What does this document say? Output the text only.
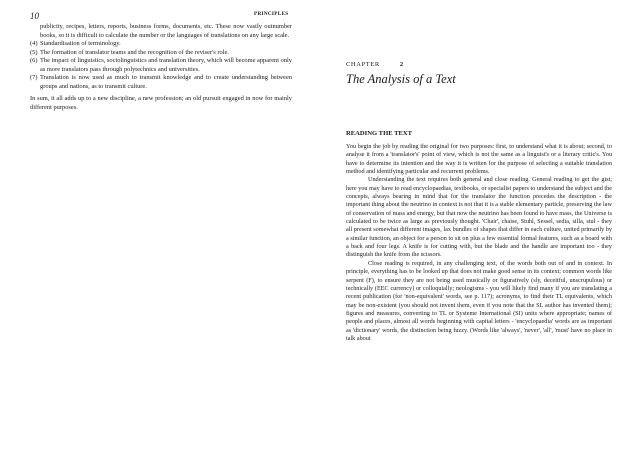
10	PRINCIPLES

publicity, recipes, letters, reports, business forms, documents, etc. These now vastly outnumber books, so it is difficult to calculate the number or the languages of translations on any large scale.

(4) Standardisation of terminology.
(5) The formation of translator teams and the recognition of the reviser's role.
(6) The impact of linguistics, sociolinguistics and translation theory, which will become apparent only as more translators pass through polytechnics and universities.
(7) Translation is now used as much to transmit knowledge and to create understanding between groups and nations, as to transmit culture.

In sum, it all adds up to a new discipline, a new profession; an old pursuit engaged in now for mainly different purposes.

CHAPTER	2
The Analysis of a Text
READING THE TEXT

You begin the job by reading the original for two purposes: first, to understand what it is about; second, to analyse it from a 'translator's' point of view, which is not the same as a linguist's or a literary critic's. You have to determine its intention and the way it is written for the purpose of selecting a suitable translation method and identifying particular and recurrent problems.

Understanding the text requires both general and close reading. General reading to get the gist; here you may have to read encyclopaedias, textbooks, or specialist papers to understand the subject and the concepts, always bearing in mind that for the translator the function precedes the description - the important thing about the neutrino in context is not that it is a stable elementary particle, preserving the law of conservation of mass and energy, but that now the neutrino has been found to have mass, the Universe is calculated to be twice as large as previously thought. 'Chair', chaise, Stuhl, Sessel, sedia, silla, stul - they all present somewhat different images, lax bundles of shapes that differ in each culture, united primarily by a similar function, an object for a person to sit on plus a few essential formal features, such as a board with a back and four legs. A knife is for cutting with, but the blade and the handle are important too - they distinguish the knife from the scissors.

Close reading is required, in any challenging text, of the words both out of and in context. In principle, everything has to be looked up that does not make good sense in its context; common words like serpent (F), to ensure they are not being used musically or figuratively (sly, deceitful, unscrupulous) or technically (EEC currency) or colloquially; neologisms - you will likely find many if you are translating a recent publication (for 'non-equivalent' words, see p. 117); acronyms, to find their TL equivalents, which may be non-existent (you should not invent them, even if you note that the SL author has invented them); figures and measures, converting to TL or Systeme International (SI) units where appropriate; names of people and places, almost all words beginning with capital letters - 'encyclopaedia' words are as important as 'dictionary' words, the distinction being fuzzy. (Words like 'always', 'never', 'all', 'must' have no place in talk about
